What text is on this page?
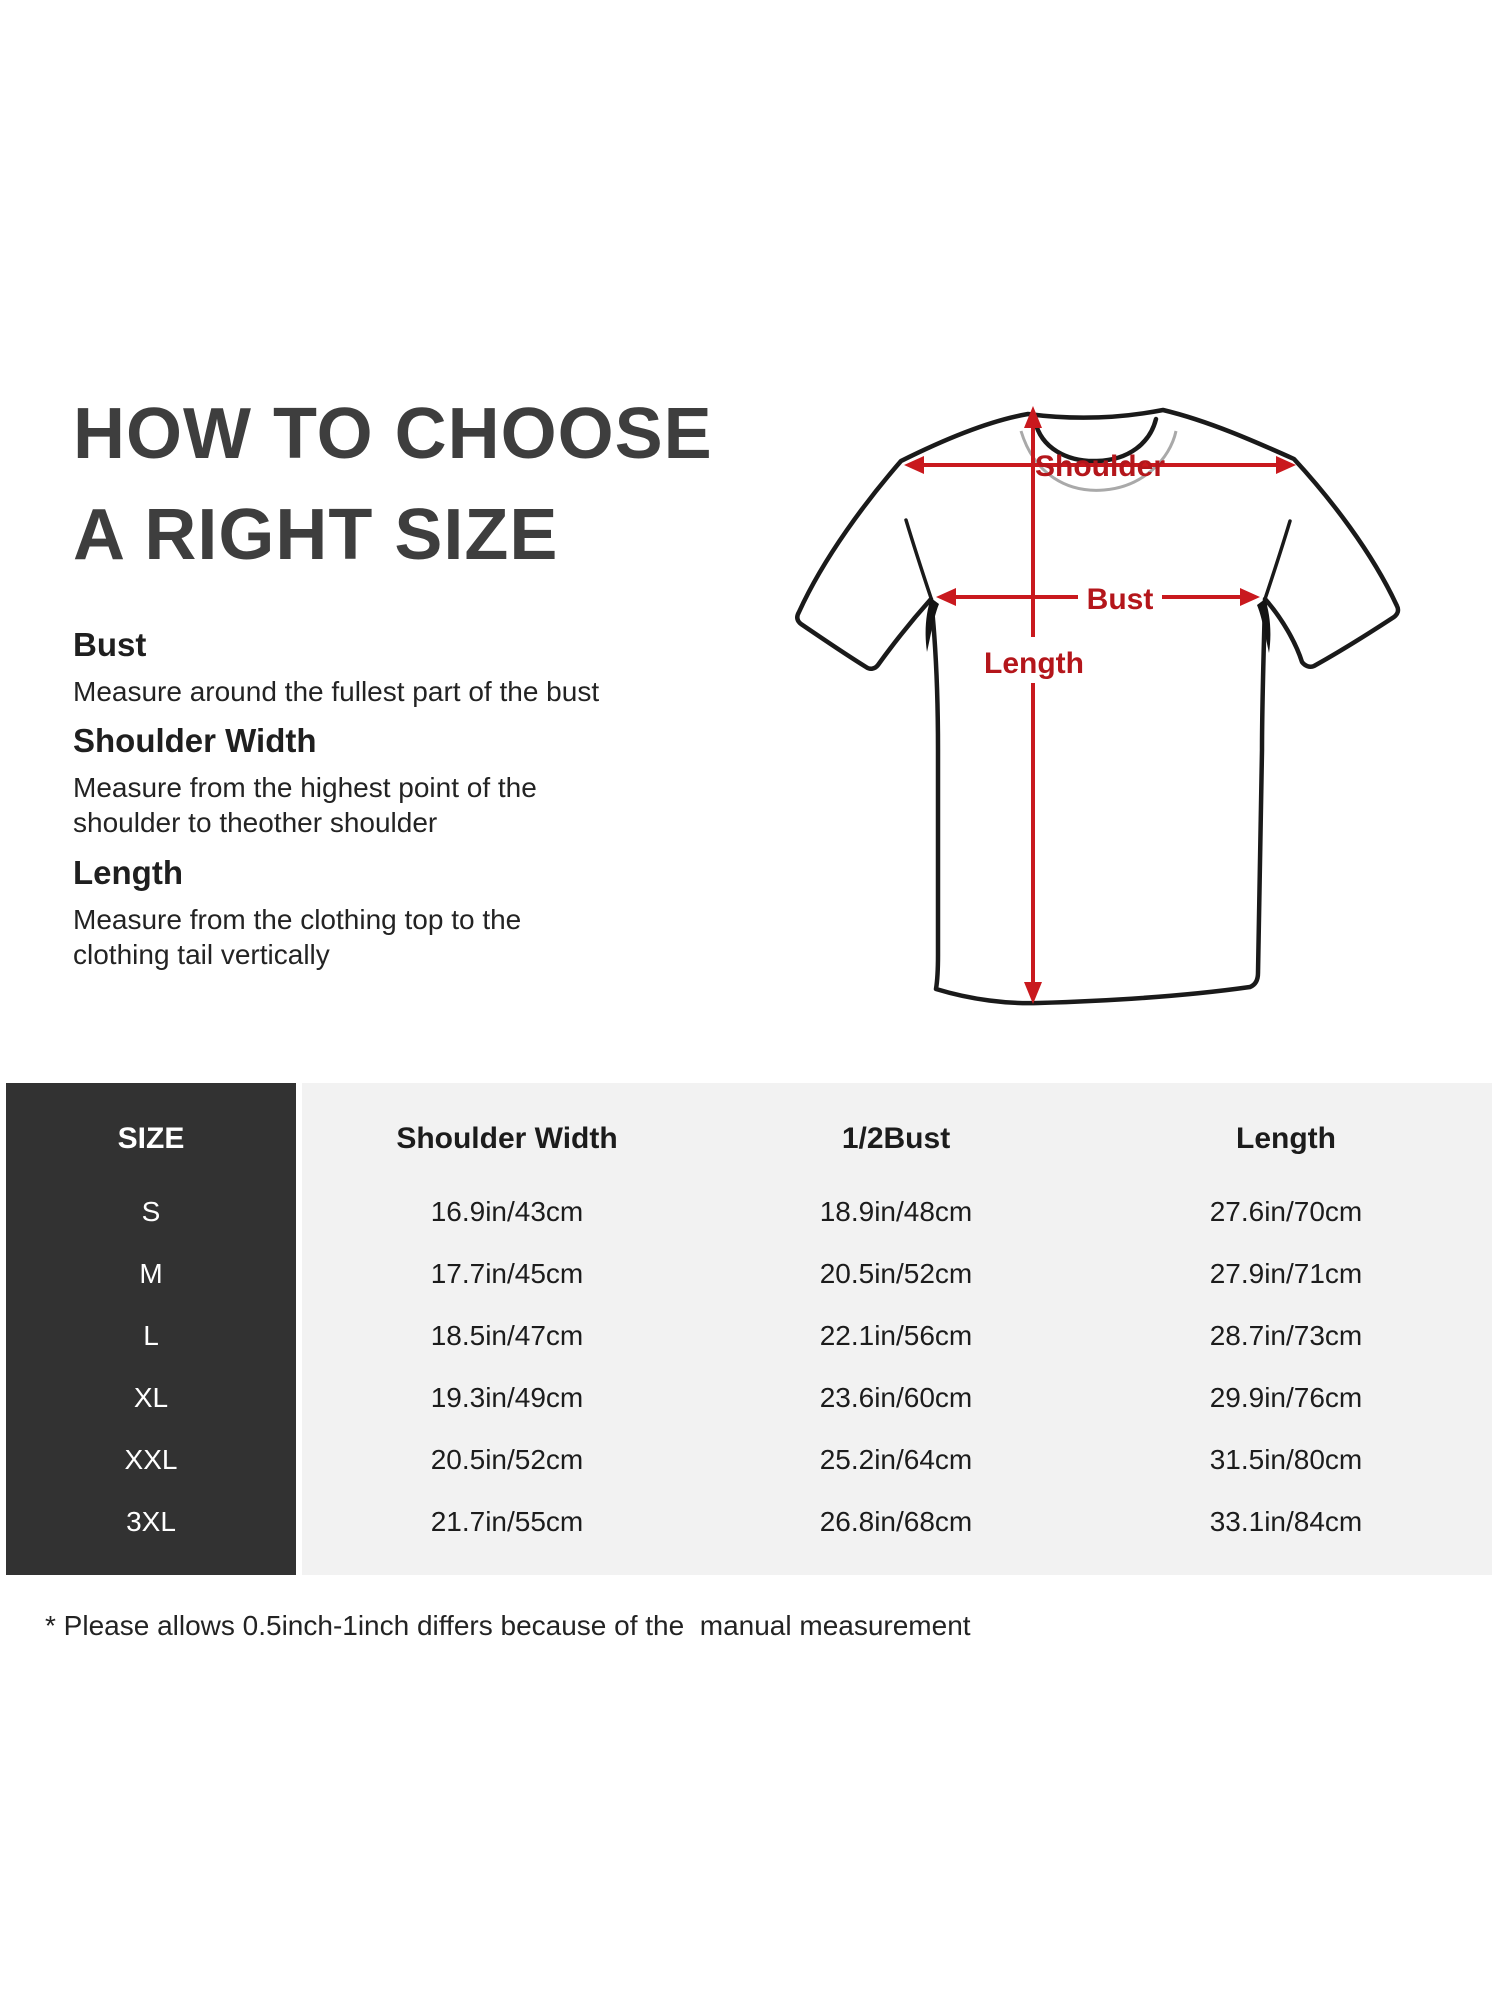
HOW TO CHOOSE
A RIGHT SIZE
Bust

Measure around the fullest part of the bust

Shoulder Width

Measure from the highest point of the

shoulder to theother shoulder

Length

Measure from the clothing top to the

clothing tail vertically

Shoulder
Bust
Length
SIZE
S
M
L
XL
XXL
3XL
Shoulder Width
16.9in/43cm
17.7in/45cm
18.5in/47cm
19.3in/49cm
20.5in/52cm
21.7in/55cm
1/2Bust
18.9in/48cm
20.5in/52cm
22.1in/56cm
23.6in/60cm
25.2in/64cm
26.8in/68cm
Length
27.6in/70cm
27.9in/71cm
28.7in/73cm
29.9in/76cm
31.5in/80cm
33.1in/84cm
* Please allows 0.5inch-1inch differs because of the  manual measurement
